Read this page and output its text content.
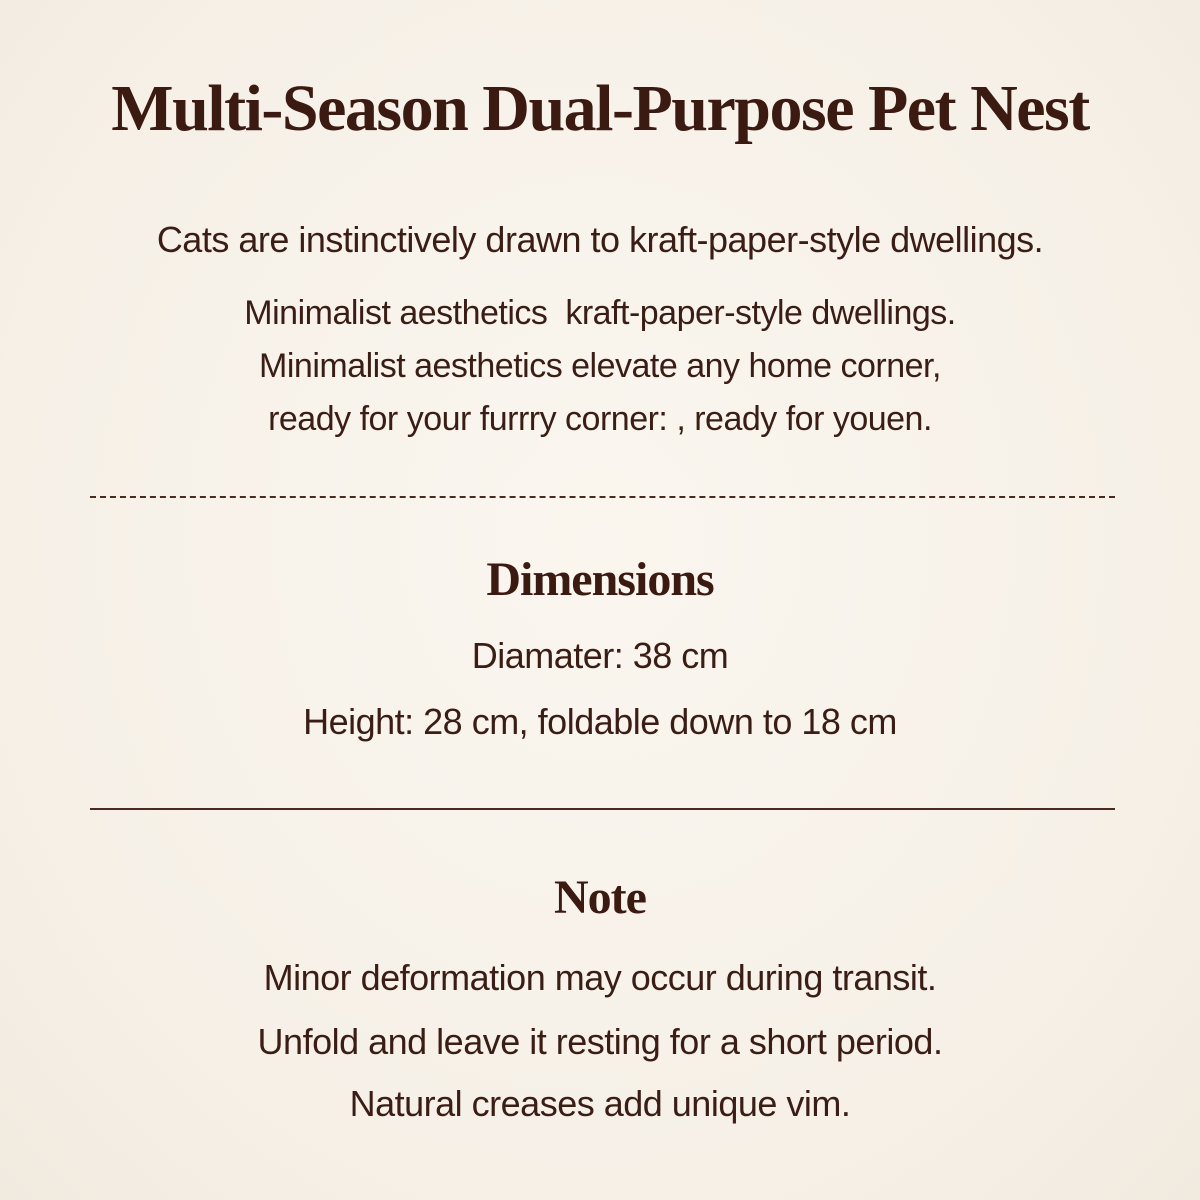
Multi-Season Dual-Purpose Pet Nest

Cats are instinctively drawn to kraft-paper-style dwellings.

Minimalist aesthetics  kraft-paper-style dwellings.

Minimalist aesthetics elevate any home corner,

ready for your furrry corner: , ready for youen.

Dimensions

Diamater: 38 cm

Height: 28 cm, foldable down to 18 cm

Note

Minor deformation may occur during transit.

Unfold and leave it resting for a short period.

Natural creases add unique vim.
